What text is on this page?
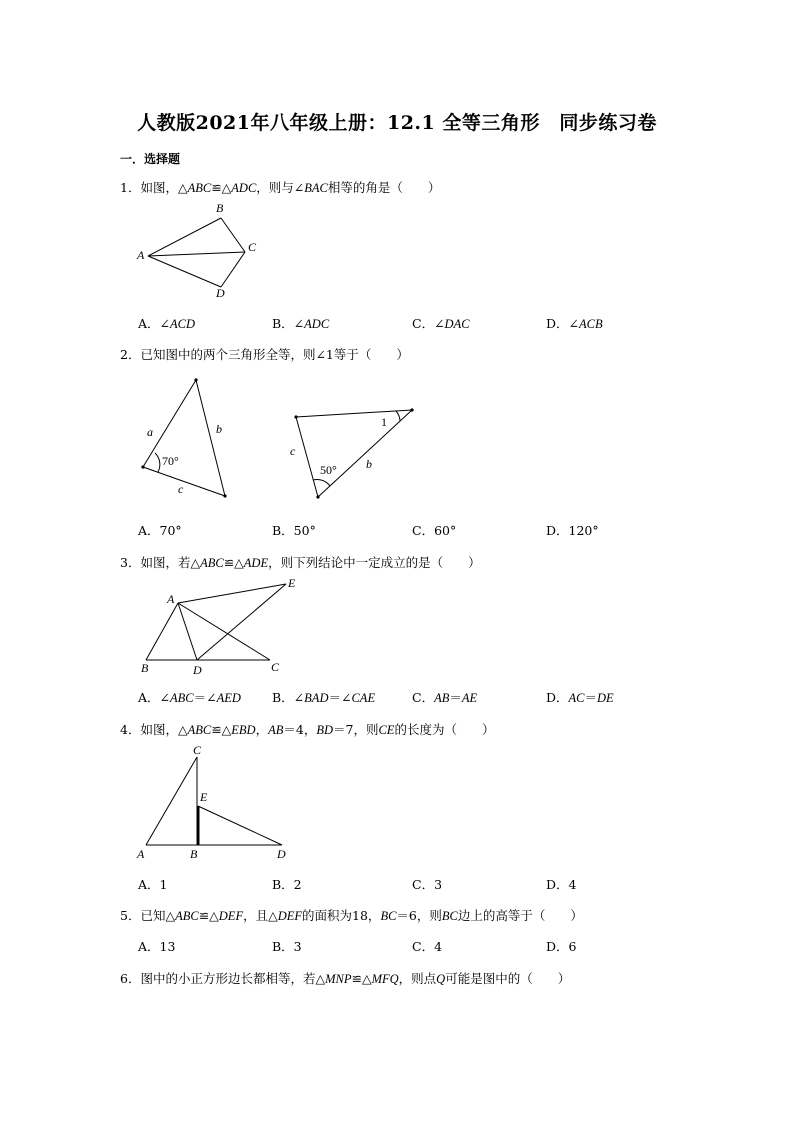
人教版2021年八年级上册：12.1 全等三角形　同步练习卷
一．选择题
1．如图，△ABC≌△ADC，则与∠BAC相等的角是（　　）
A
B
C
D
A．∠ACD	B．∠ADC	C．∠DAC	D．∠ACB
2．已知图中的两个三角形全等，则∠1等于（　　）
a	b
c
70°
c
b
50°
1
A．70°	B．50°	C．60°	D．120°
3．如图，若△ABC≌△ADE，则下列结论中一定成立的是（　　）
A
B	C
D
E
A．∠ABC＝∠AED B．∠BAD＝∠CAE	C．AB＝AE	D．AC＝DE
4．如图，△ABC≌△EBD，AB＝4，BD＝7，则CE的长度为（　　）
A	B
C
D
E
A．1	B．2	C．3	D．4
5．已知△ABC≌△DEF，且△DEF的面积为18，BC＝6，则BC边上的高等于（　　）
A．13	B．3	C．4	D．6
6．图中的小正方形边长都相等，若△MNP≌△MFQ，则点Q可能是图中的（　　）
